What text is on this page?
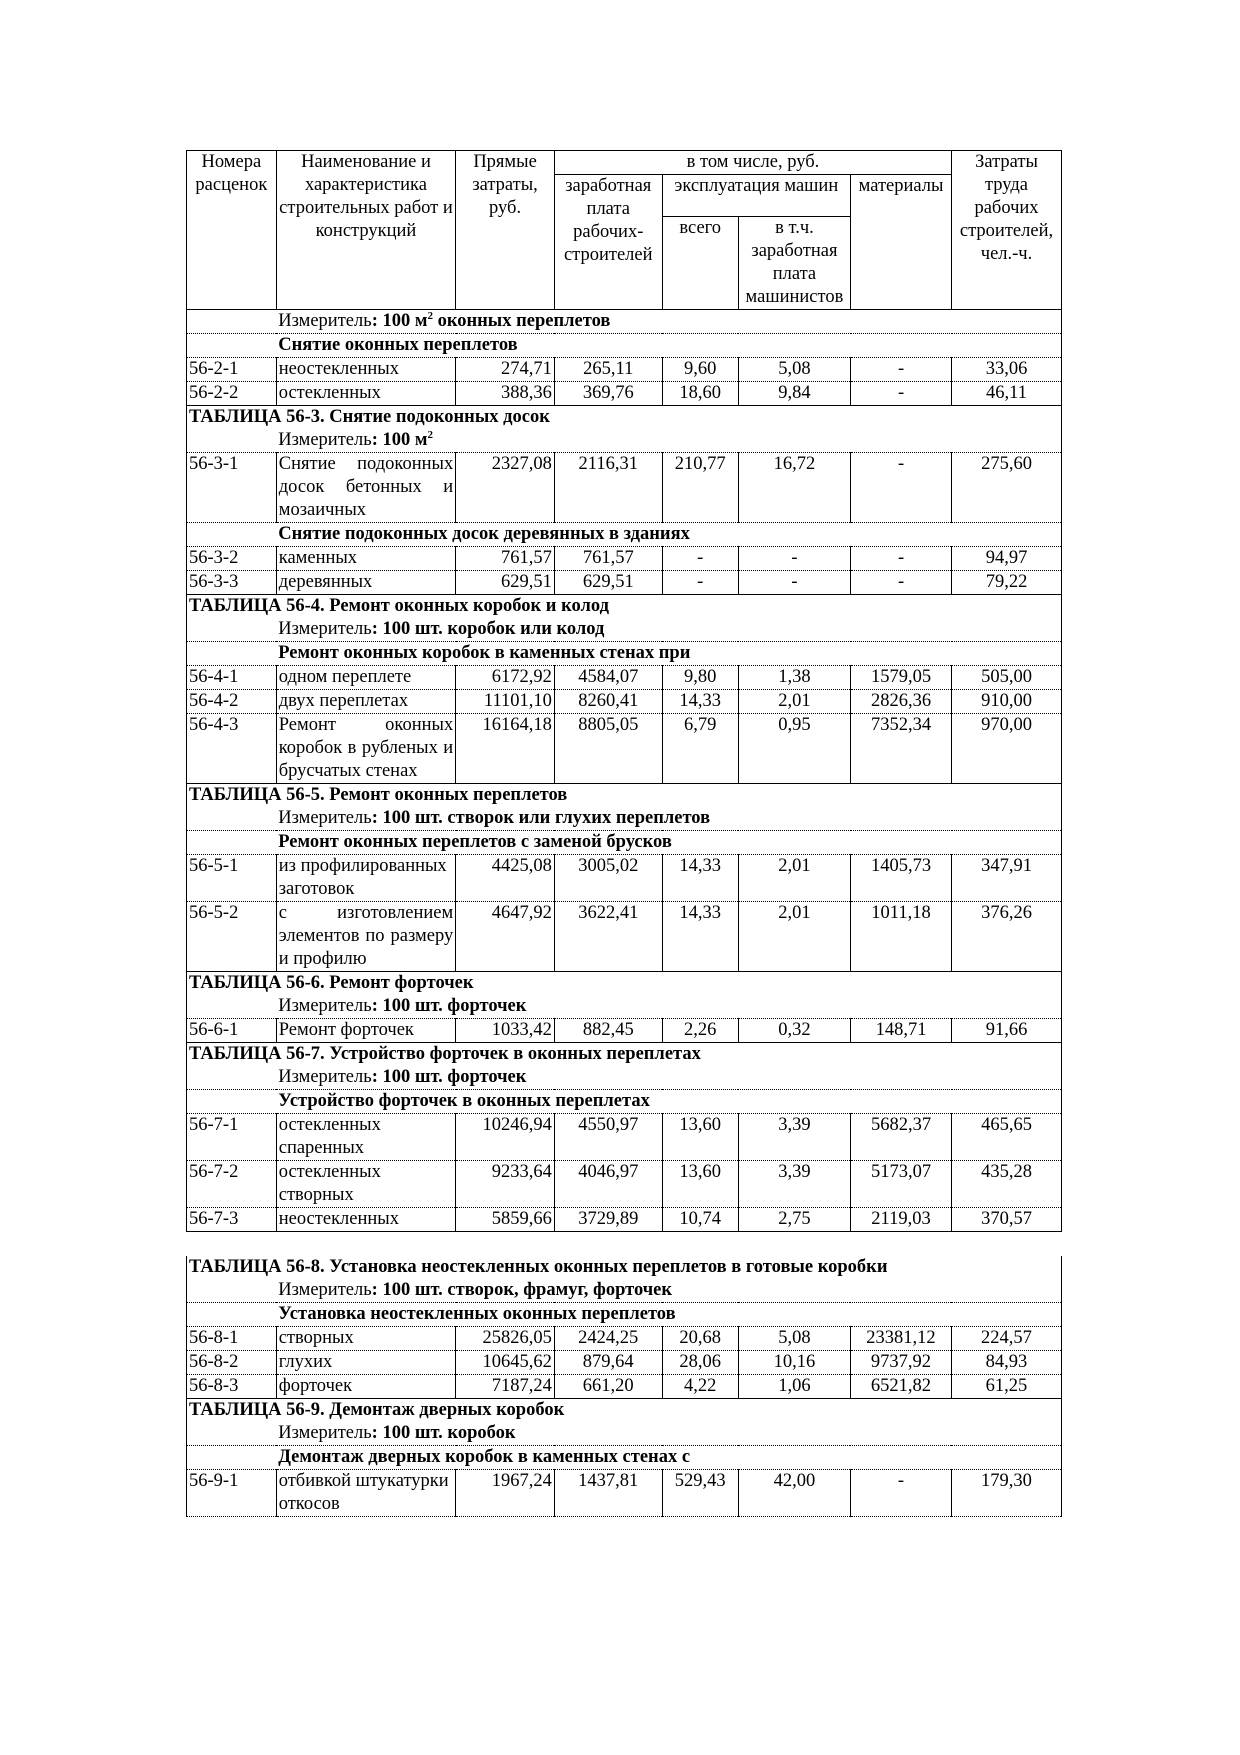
Номера расценок	Наименование и характеристика строительных работ и конструкций	Прямые затраты, руб.	в том числе, руб.				Затраты труда рабочих строителей, чел.-ч.
			заработная плата рабочих-строителей	эксплуатация машин		материалы	
				всего	в т.ч. заработная плата машинистов		
	Измеритель: 100 $м^2$ оконных переплетов						
	Снятие оконных переплетов						
56-2-1	неостекленных	274,71	265,11	9,60	5,08	-	33,06
56-2-2	остекленных	388,36	369,76	18,60	9,84	-	46,11
ТАБЛИЦА 56-3. Снятие подоконных досок							
	Измеритель: 100 $м^2$
56-3-1	Снятие подоконных досок бетонных и мозаичных	2327,08	2116,31	210,77	16,72	-	275,60
	Снятие подоконных досок деревянных в зданиях						
56-3-2	каменных	761,57	761,57	-	-	-	94,97
56-3-3	деревянных	629,51	629,51	-	-	-	79,22
ТАБЛИЦА 56-4. Ремонт оконных коробок и колод							
	Измеритель: 100 шт. коробок или колод						
	Ремонт оконных коробок в каменных стенах при						
56-4-1	одном переплете	6172,92	4584,07	9,80	1,38	1579,05	505,00
56-4-2	двух переплетах	11101,10	8260,41	14,33	2,01	2826,36	910,00
56-4-3	Ремонт оконных коробок в рубленых и брусчатых стенах	16164,18	8805,05	6,79	0,95	7352,34	970,00
ТАБЛИЦА 56-5. Ремонт оконных переплетов							
	Измеритель: 100 шт. створок или глухих переплетов						
	Ремонт оконных переплетов с заменой брусков						
56-5-1	из профилированных заготовок	4425,08	3005,02	14,33	2,01	1405,73	347,91
56-5-2	с изготовлением элементов по размеру и профилю	4647,92	3622,41	14,33	2,01	1011,18	376,26
ТАБЛИЦА 56-6. Ремонт форточек							
	Измеритель: 100 шт. форточек						
56-6-1	Ремонт форточек	1033,42	882,45	2,26	0,32	148,71	91,66
ТАБЛИЦА 56-7. Устройство форточек в оконных переплетах							
	Измеритель: 100 шт. форточек						
	Устройство форточек в оконных переплетах						
56-7-1	остекленных спаренных	10246,94	4550,97	13,60	3,39	5682,37	465,65
56-7-2	остекленных створных	9233,64	4046,97	13,60	3,39	5173,07	435,28
56-7-3	неостекленных	5859,66	3729,89	10,74	2,75	2119,03	370,57
ТАБЛИЦА 56-8. Установка неостекленных оконных переплетов в готовые коробки							
	Измеритель: 100 шт. створок, фрамуг, форточек						
	Установка неостекленных оконных переплетов						
56-8-1	створных	25826,05	2424,25	20,68	5,08	23381,12	224,57
56-8-2	глухих	10645,62	879,64	28,06	10,16	9737,92	84,93
56-8-3	форточек	7187,24	661,20	4,22	1,06	6521,82	61,25
ТАБЛИЦА 56-9. Демонтаж дверных коробок							
	Измеритель: 100 шт. коробок						
	Демонтаж дверных коробок в каменных стенах с						
56-9-1	отбивкой штукатурки откосов	1967,24	1437,81	529,43	42,00	-	179,30
